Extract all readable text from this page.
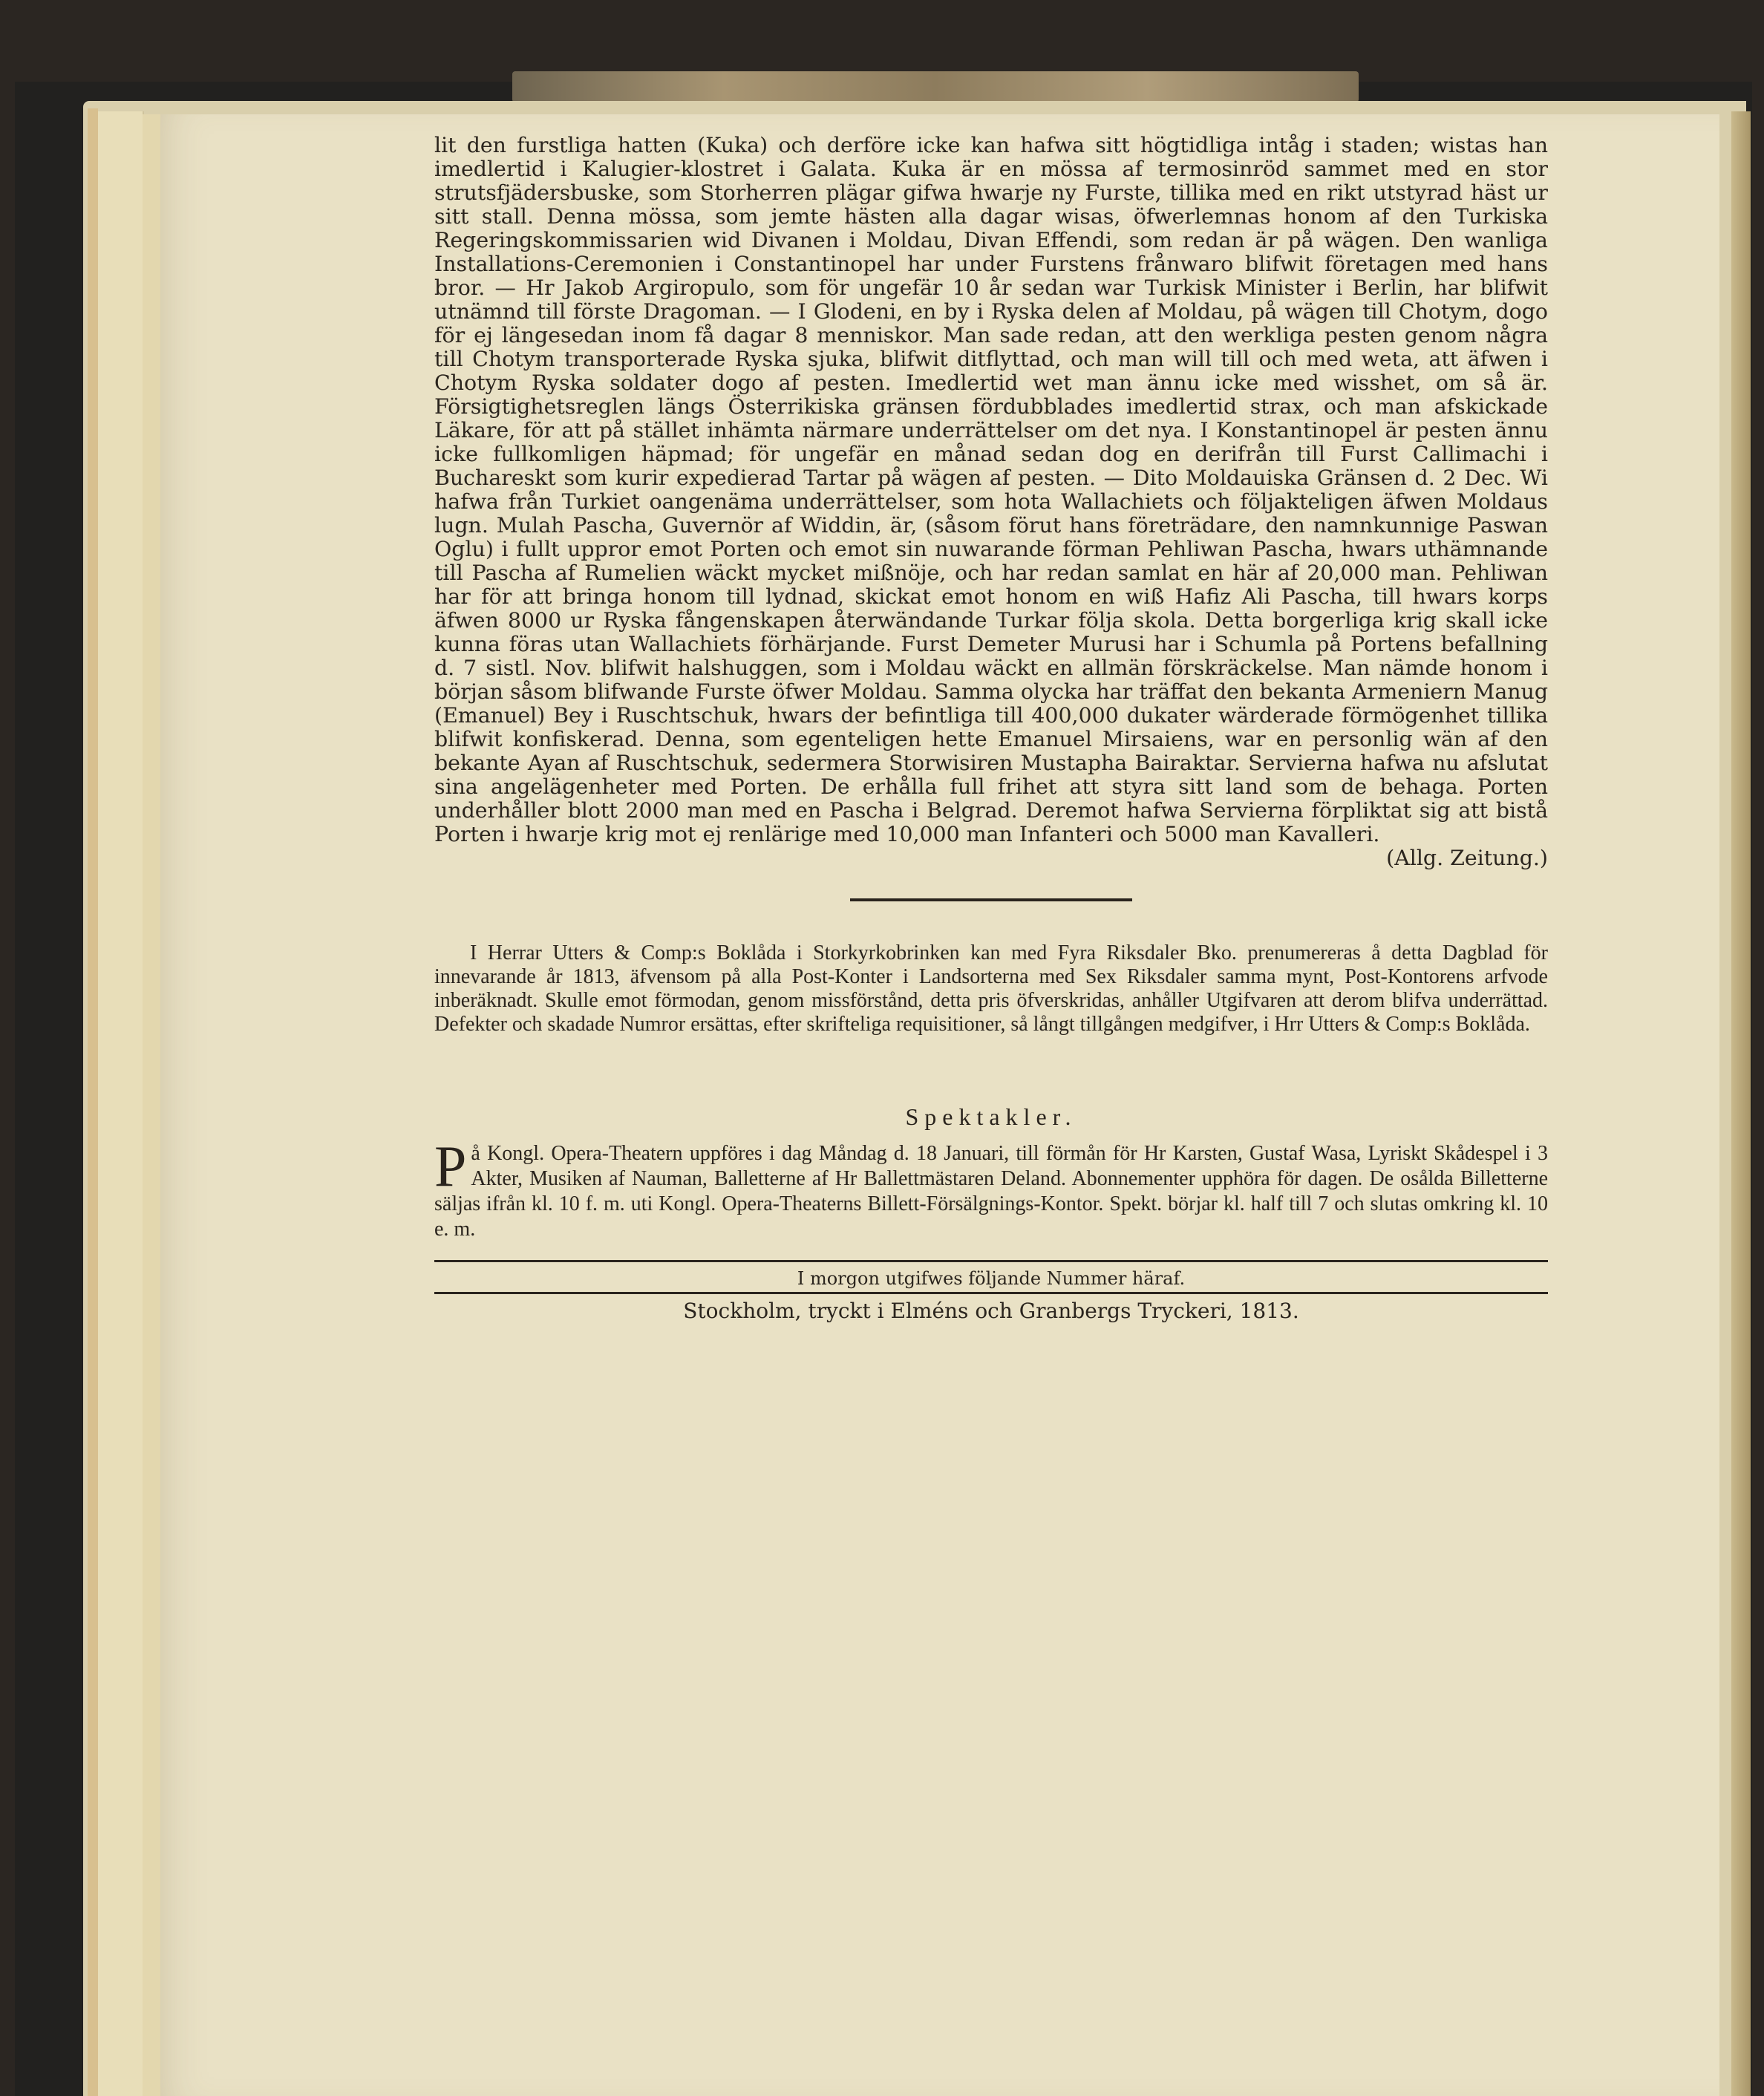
lit den furstliga hatten (Kuka) och derföre icke kan hafwa sitt högtidliga intåg i staden; wistas han imedlertid i Kalugier-klostret i Galata. Kuka är en mössa af termosinröd sammet med en stor strutsfjädersbuske, som Storherren plägar gifwa hwarje ny Furste, tillika med en rikt utstyrad häst ur sitt stall. Denna mössa, som jemte hästen alla dagar wisas, öfwerlemnas honom af den Turkiska Regeringskommissarien wid Divanen i Moldau, Divan Effendi, som redan är på wägen. Den wanliga Installations-Ceremonien i Constantinopel har under Furstens frånwaro blifwit företagen med hans bror. — Hr Jakob Argiropulo, som för ungefär 10 år sedan war Turkisk Minister i Berlin, har blifwit utnämnd till förste Dragoman. — I Glodeni, en by i Ryska delen af Moldau, på wägen till Chotym, dogo för ej längesedan inom få dagar 8 menniskor. Man sade redan, att den werkliga pesten genom några till Chotym transporterade Ryska sjuka, blifwit ditflyttad, och man will till och med weta, att äfwen i Chotym Ryska soldater dogo af pesten. Imedlertid wet man ännu icke med wisshet, om så är. Försigtighetsreglen längs Österrikiska gränsen fördubblades imedlertid strax, och man afskickade Läkare, för att på stället inhämta närmare underrättelser om det nya. I Konstantinopel är pesten ännu icke fullkomligen häpmad; för ungefär en månad sedan dog en derifrån till Furst Callimachi i Buchareskt som kurir expedierad Tartar på wägen af pesten. — Dito Moldauiska Gränsen d. 2 Dec. Wi hafwa från Turkiet oangenäma underrättelser, som hota Wallachiets och följakteligen äfwen Moldaus lugn. Mulah Pascha, Guvernör af Widdin, är, (såsom förut hans företrädare, den namnkunnige Paswan Oglu) i fullt uppror emot Porten och emot sin nuwarande förman Pehliwan Pascha, hwars uthämnande till Pascha af Rumelien wäckt mycket mißnöje, och har redan samlat en här af 20,000 man. Pehliwan har för att bringa honom till lydnad, skickat emot honom en wiß Hafiz Ali Pascha, till hwars korps äfwen 8000 ur Ryska fångenskapen återwändande Turkar följa skola. Detta borgerliga krig skall icke kunna föras utan Wallachiets förhärjande. Furst Demeter Murusi har i Schumla på Portens befallning d. 7 sistl. Nov. blifwit halshuggen, som i Moldau wäckt en allmän förskräckelse. Man nämde honom i början såsom blifwande Furste öfwer Moldau. Samma olycka har träffat den bekanta Armeniern Manug (Emanuel) Bey i Ruschtschuk, hwars der befintliga till 400,000 dukater wärderade förmögenhet tillika blifwit konfiskerad. Denna, som egenteligen hette Emanuel Mirsaiens, war en personlig wän af den bekante Ayan af Ruschtschuk, sedermera Storwisiren Mustapha Bairaktar. Servierna hafwa nu afslutat sina angelägenheter med Porten. De erhålla full frihet att styra sitt land som de behaga. Porten underhåller blott 2000 man med en Pascha i Belgrad. Deremot hafwa Servierna förpliktat sig att bistå Porten i hwarje krig mot ej renlärige med 10,000 man Infanteri och 5000 man Kavalleri.

(Allg. Zeitung.)

I Herrar Utters & Comp:s Boklåda i Storkyrkobrinken kan med Fyra Riksdaler Bko. prenumereras å detta Dagblad för innevarande år 1813, äfvensom på alla Post-Konter i Landsorterna med Sex Riksdaler samma mynt, Post-Kontorens arfvode inberäknadt. Skulle emot förmodan, genom missförstånd, detta pris öfverskridas, anhåller Utgifvaren att derom blifva underrättad. Defekter och skadade Numror ersättas, efter skrifteliga requisitioner, så långt tillgången medgifver, i Hrr Utters & Comp:s Boklåda.

Spektakler.

På Kongl. Opera-Theatern uppföres i dag Måndag d. 18 Januari, till förmån för Hr Karsten, Gustaf Wasa, Lyriskt Skådespel i 3 Akter, Musiken af Nauman, Balletterne af Hr Ballettmästaren Deland. Abonnementer upphöra för dagen. De osålda Billetterne säljas ifrån kl. 10 f. m. uti Kongl. Opera-Theaterns Billett-Försälgnings-Kontor. Spekt. börjar kl. half till 7 och slutas omkring kl. 10 e. m.

I morgon utgifwes följande Nummer häraf.
Stockholm, tryckt i Elméns och Granbergs Tryckeri, 1813.
